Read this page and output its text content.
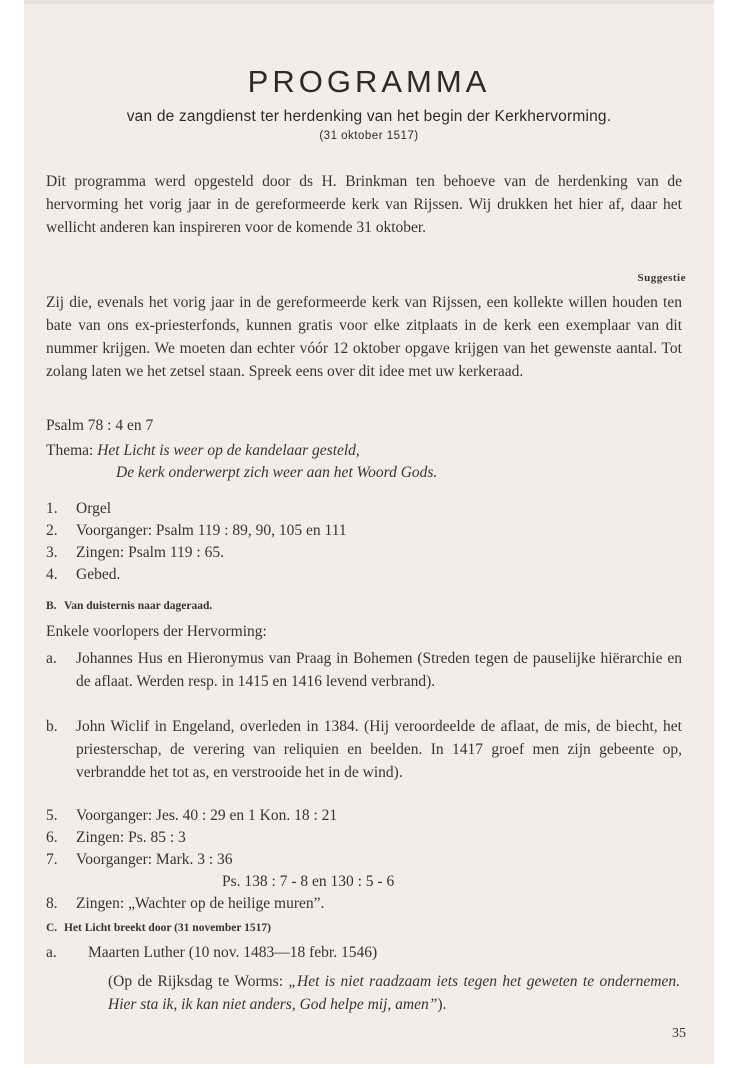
PROGRAMMA
van de zangdienst ter herdenking van het begin der Kerkhervorming.
(31 oktober 1517)
Dit programma werd opgesteld door ds H. Brinkman ten behoeve van de herdenking van de hervorming het vorig jaar in de gereformeerde kerk van Rijssen. Wij drukken het hier af, daar het wellicht anderen kan inspireren voor de komende 31 oktober.
Suggestie
Zij die, evenals het vorig jaar in de gereformeerde kerk van Rijssen, een kollekte willen houden ten bate van ons ex-priesterfonds, kunnen gratis voor elke zitplaats in de kerk een exemplaar van dit nummer krijgen. We moeten dan echter vóór 12 oktober opgave krijgen van het gewenste aantal. Tot zolang laten we het zetsel staan. Spreek eens over dit idee met uw kerkeraad.
Psalm 78 : 4 en 7
Thema: Het Licht is weer op de kandelaar gesteld,
De kerk onderwerpt zich weer aan het Woord Gods.
1. Orgel
2. Voorganger: Psalm 119 : 89, 90, 105 en 111
3. Zingen: Psalm 119 : 65.
4. Gebed.
B. Van duisternis naar dageraad.
Enkele voorlopers der Hervorming:
a. Johannes Hus en Hieronymus van Praag in Bohemen (Streden tegen de pauselijke hiërarchie en de aflaat. Werden resp. in 1415 en 1416 levend verbrand).
b. John Wiclif in Engeland, overleden in 1384. (Hij veroordeelde de aflaat, de mis, de biecht, het priesterschap, de verering van reliquien en beelden. In 1417 groef men zijn gebeente op, verbrandde het tot as, en verstrooide het in de wind).
5. Voorganger: Jes. 40 : 29 en 1 Kon. 18 : 21
6. Zingen: Ps. 85 : 3
7. Voorganger: Mark. 3 : 36
Ps. 138 : 7 - 8 en 130 : 5 - 6
8. Zingen: „Wachter op de heilige muren”.
C. Het Licht breekt door (31 november 1517)
a. Maarten Luther (10 nov. 1483—18 febr. 1546)
(Op de Rijksdag te Worms: „Het is niet raadzaam iets tegen het geweten te ondernemen. Hier sta ik, ik kan niet anders, God helpe mij, amen”).
35
